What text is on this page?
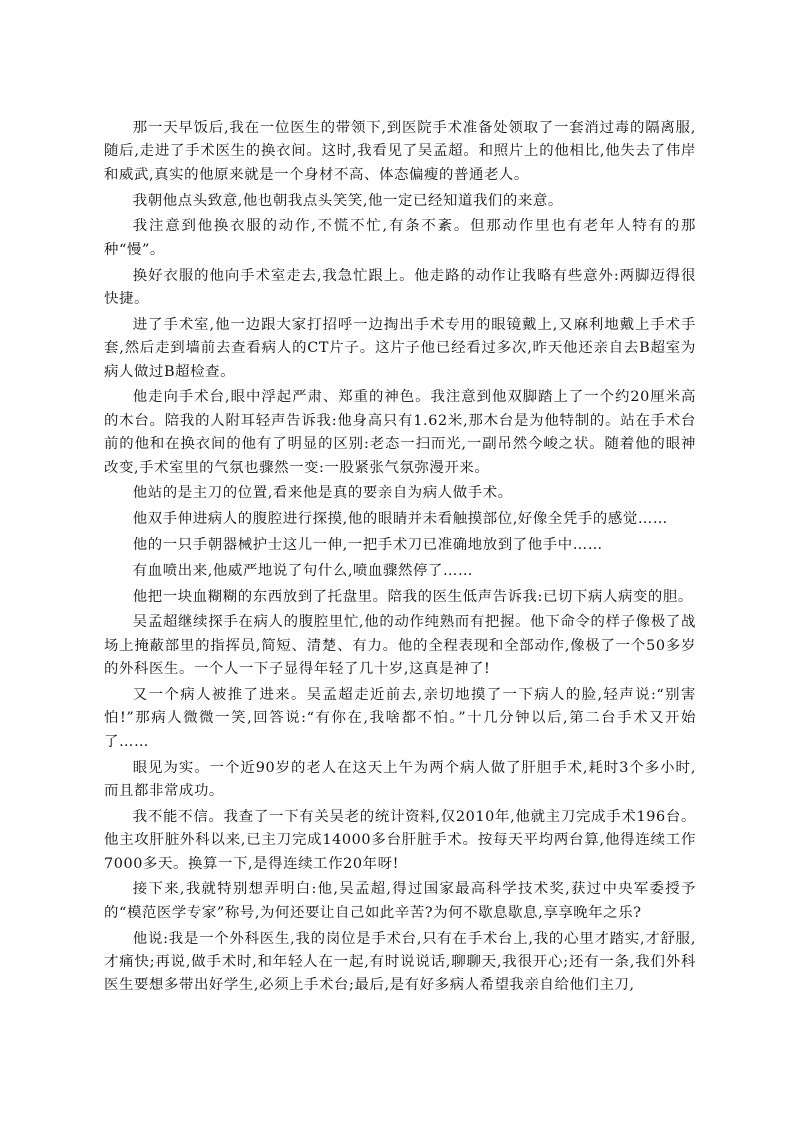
那一天早饭后,我在一位医生的带领下,到医院手术准备处领取了一套消过毒的隔离服,随后,走进了手术医生的换衣间。这时,我看见了吴孟超。和照片上的他相比,他失去了伟岸和威武,真实的他原来就是一个身材不高、体态偏瘦的普通老人。

我朝他点头致意,他也朝我点头笑笑,他一定已经知道我们的来意。

我注意到他换衣服的动作,不慌不忙,有条不紊。但那动作里也有老年人特有的那种“慢”。

换好衣服的他向手术室走去,我急忙跟上。他走路的动作让我略有些意外:两脚迈得很快捷。

进了手术室,他一边跟大家打招呼一边掏出手术专用的眼镜戴上,又麻利地戴上手术手套,然后走到墙前去查看病人的CT片子。这片子他已经看过多次,昨天他还亲自去B超室为病人做过B超检查。

他走向手术台,眼中浮起严肃、郑重的神色。我注意到他双脚踏上了一个约20厘米高的木台。陪我的人附耳轻声告诉我:他身高只有1.62米,那木台是为他特制的。站在手术台前的他和在换衣间的他有了明显的区别:老态一扫而光,一副吊然今峻之状。随着他的眼神改变,手术室里的气氛也骤然一变:一股紧张气氛弥漫开来。

他站的是主刀的位置,看来他是真的要亲自为病人做手术。

他双手伸进病人的腹腔进行探摸,他的眼睛并未看触摸部位,好像全凭手的感觉……

他的一只手朝器械护士这儿一伸,一把手术刀已准确地放到了他手中……

有血喷出来,他威严地说了句什么,喷血骤然停了……

他把一块血糊糊的东西放到了托盘里。陪我的医生低声告诉我:已切下病人病变的胆。

吴孟超继续探手在病人的腹腔里忙,他的动作纯熟而有把握。他下命令的样子像极了战场上掩蔽部里的指挥员,简短、清楚、有力。他的全程表现和全部动作,像极了一个50多岁的外科医生。一个人一下子显得年轻了几十岁,这真是神了!

又一个病人被推了进来。吴孟超走近前去,亲切地摸了一下病人的脸,轻声说:“别害怕!”那病人微微一笑,回答说:“有你在,我啥都不怕。”十几分钟以后,第二台手术又开始了……

眼见为实。一个近90岁的老人在这天上午为两个病人做了肝胆手术,耗时3个多小时,而且都非常成功。

我不能不信。我查了一下有关吴老的统计资料,仅2010年,他就主刀完成手术196台。他主攻肝脏外科以来,已主刀完成14000多台肝脏手术。按每天平均两台算,他得连续工作7000多天。换算一下,是得连续工作20年呀!

接下来,我就特别想弄明白:他,吴孟超,得过国家最高科学技术奖,获过中央军委授予的“模范医学专家”称号,为何还要让自己如此辛苦?为何不歇息歇息,享享晚年之乐?

他说:我是一个外科医生,我的岗位是手术台,只有在手术台上,我的心里才踏实,才舒服,才痛快;再说,做手术时,和年轻人在一起,有时说说话,聊聊天,我很开心;还有一条,我们外科医生要想多带出好学生,必须上手术台;最后,是有好多病人希望我亲自给他们主刀,
